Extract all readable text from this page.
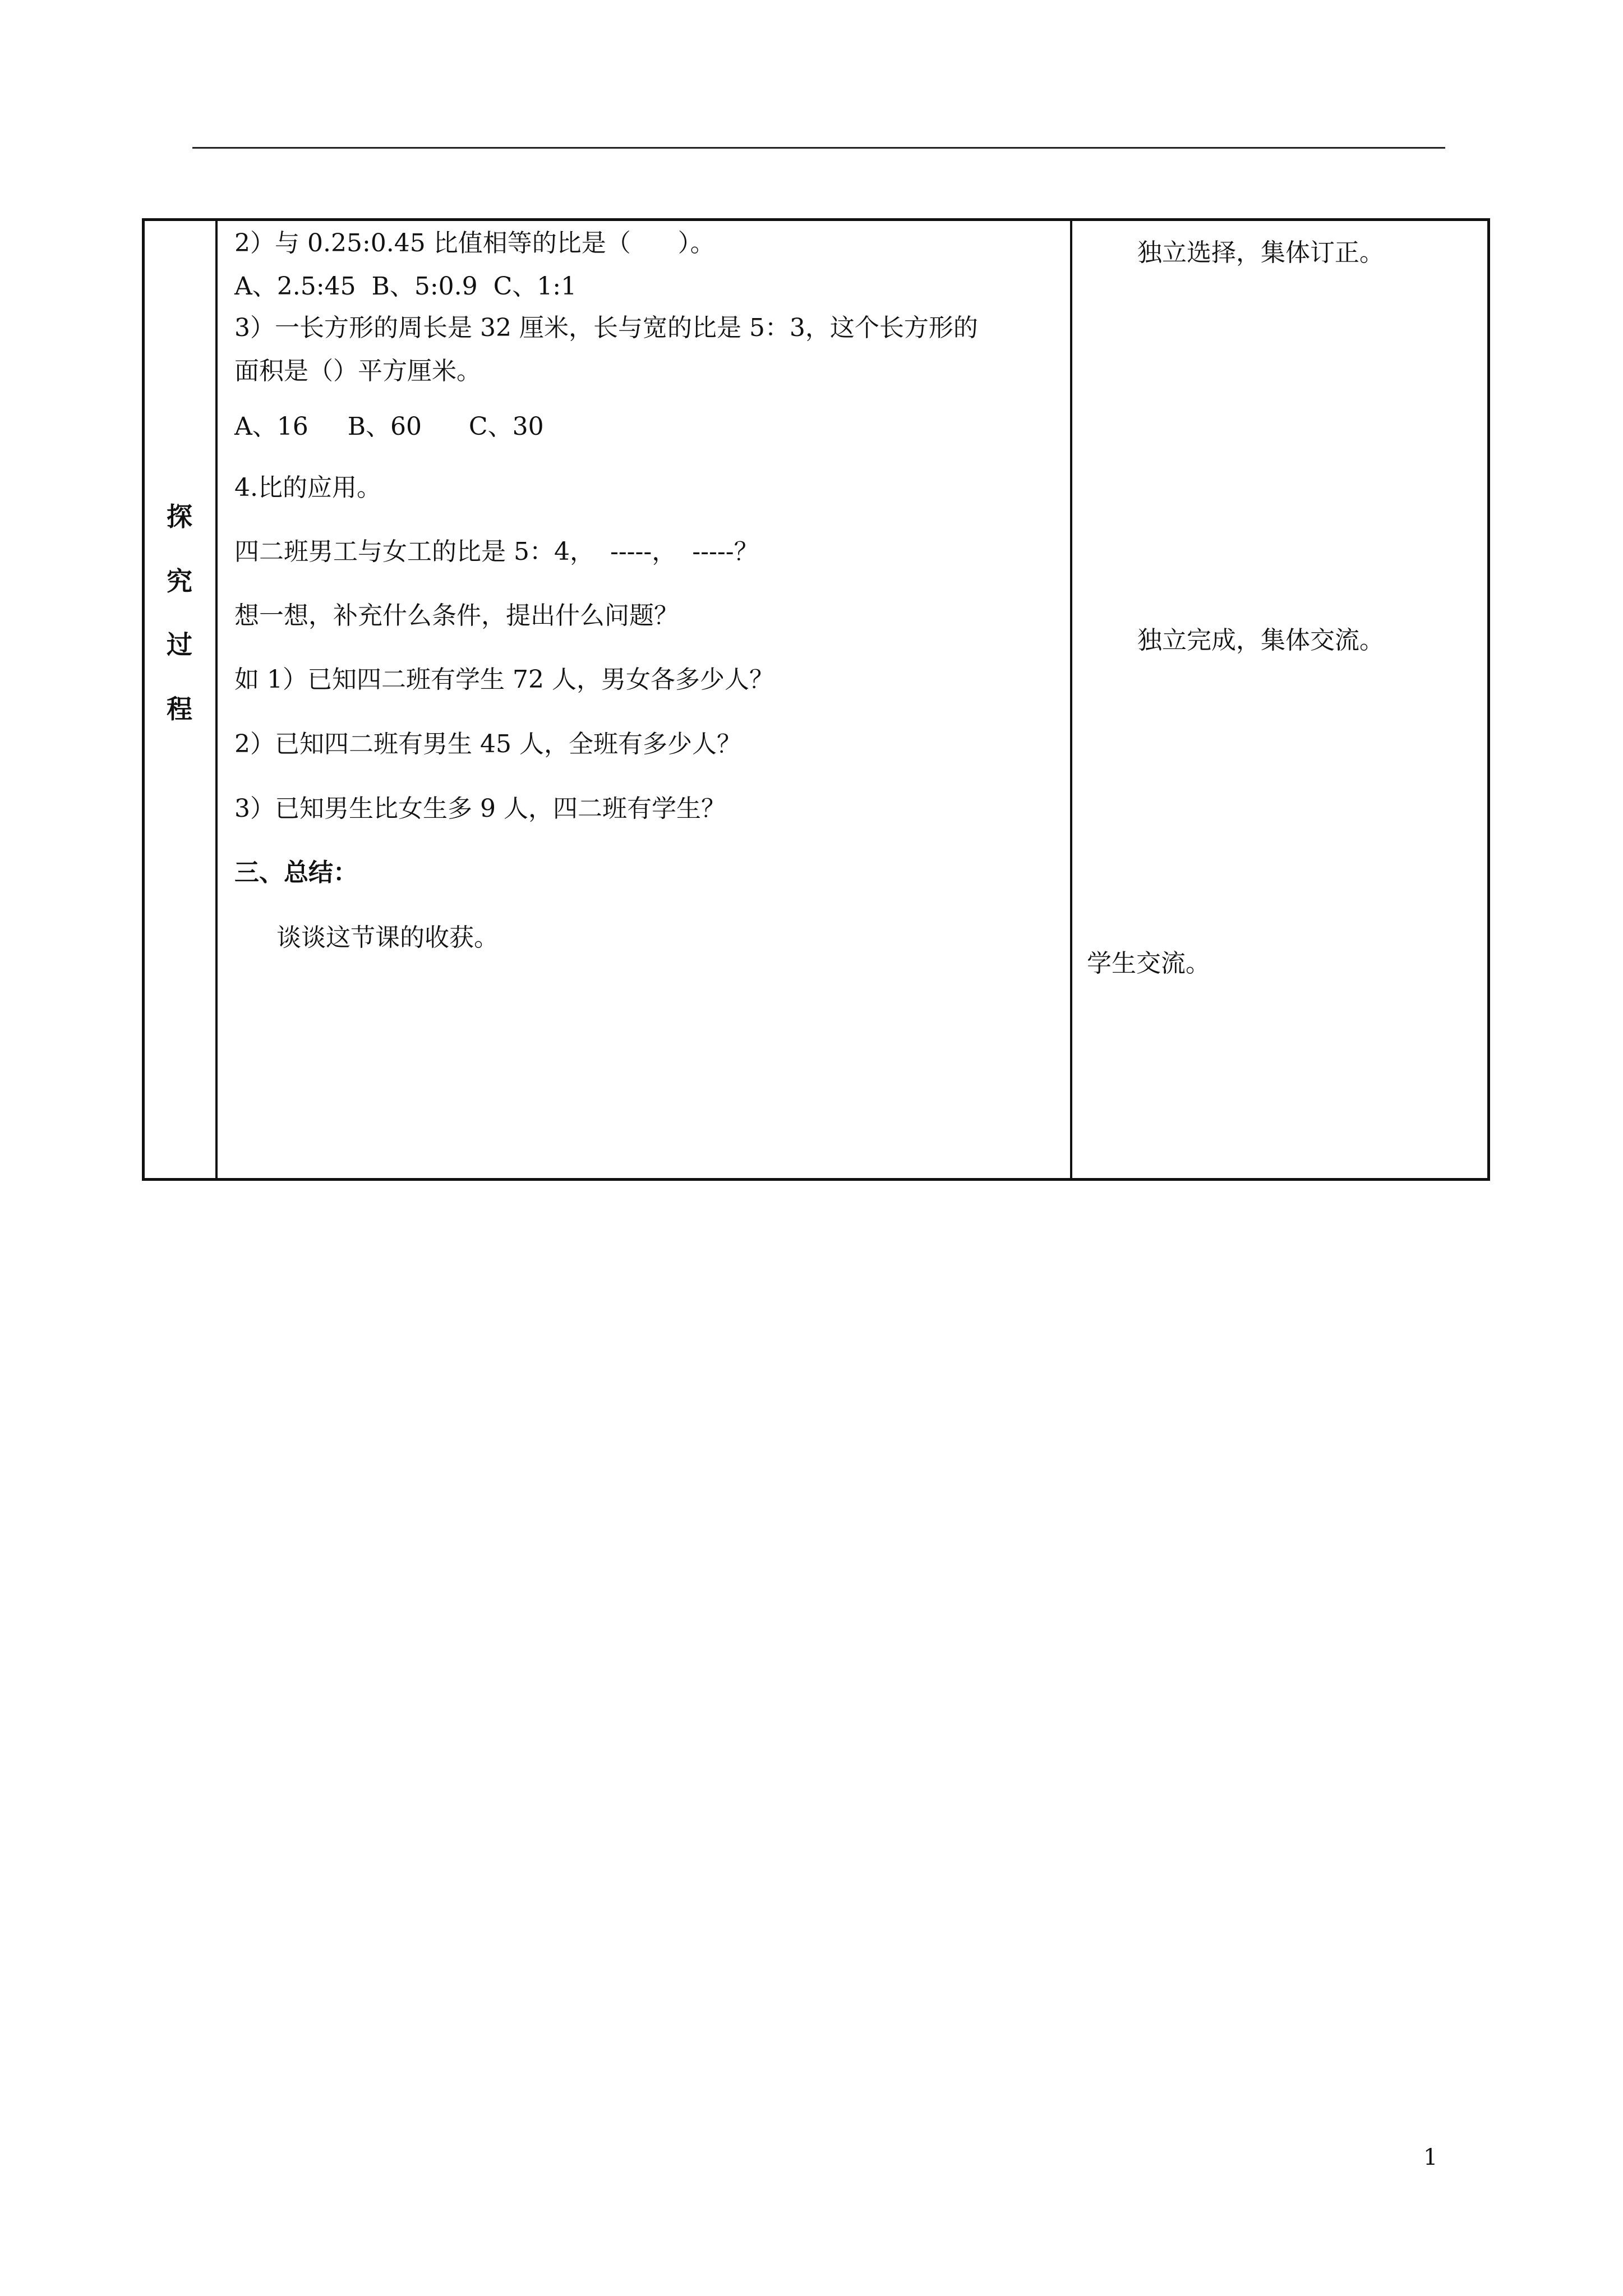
探
究
过
程
2）与 0.25:0.45 比值相等的比是（      ）。
A、2.5:45  B、5:0.9  C、1:1
3）一长方形的周长是 32 厘米，长与宽的比是 5：3，这个长方形的
面积是（）平方厘米。
A、16     B、60      C、30
4.比的应用。
四二班男工与女工的比是 5：4，  -----，  -----？
想一想，补充什么条件，提出什么问题？
如 1）已知四二班有学生 72 人，男女各多少人？
2）已知四二班有男生 45 人，全班有多少人？
3）已知男生比女生多 9 人，四二班有学生？
三、总结：
谈谈这节课的收获。
独立选择，集体订正。
独立完成，集体交流。
学生交流。
1
